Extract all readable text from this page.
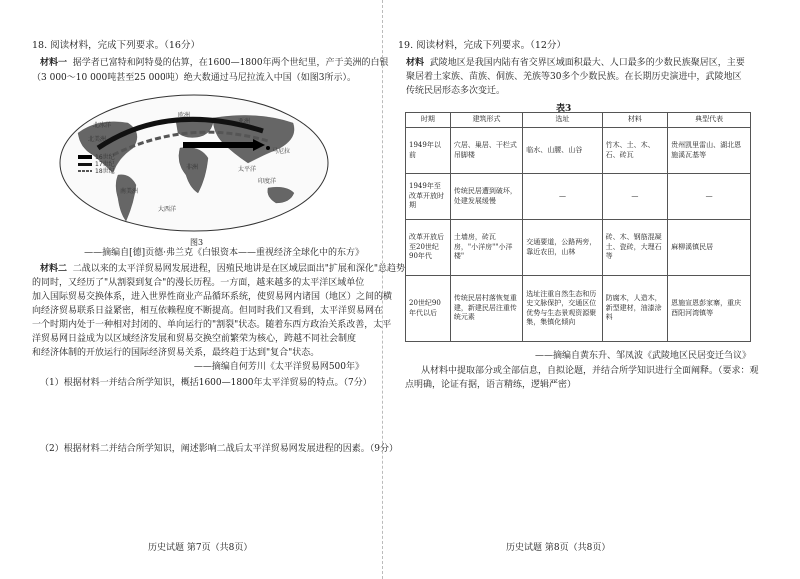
18. 阅读材料，完成下列要求。（16分）
材料一 据学者已富特和阿特曼的估算，在1600—1800年两个世纪里，产于美洲的白银
（3 000～10 000吨甚至25 000吨）绝大数通过马尼拉流入中国（如图3所示）。
北冰洋
太平洋
大西洋
印度洋
亚洲
欧洲
非洲
南美洲
北美洲
马尼拉
16世纪
17世纪
18世纪
图3
——摘编自[德]贡德·弗兰克《白银资本——重视经济全球化中的东方》
材料二 二战以来的太平洋贸易网发展进程，因殖民地讲是在区域层面出"扩展和深化"总趋势
的同时，又经历了"从割裂到复合"的漫长历程。一方面，越来越多的太平洋区域单位
加入国际贸易交换体系，进入世界性商业产品循环系统，使贸易网内诸国（地区）之间的横
向经济贸易联系日益紧密，相互依赖程度不断提高。但同时我们又看到，太平洋贸易网在
一个时期内处于一种相对封闭的、单向运行的"割裂"状态。随着东西方政治关系改善，太平
洋贸易网日益成为以区域经济发展和贸易交换空前繁荣为核心，跨越不同社会制度
和经济体制的开放运行的国际经济贸易关系，最终趋于达到"复合"状态。
——摘编自何芳川《太平洋贸易网500年》
（1）根据材料一并结合所学知识，概括1600—1800年太平洋贸易的特点。（7分）
（2）根据材料二并结合所学知识，阐述影响二战后太平洋贸易网发展进程的因素。（9分）
历史试题 第7页（共8页）
19. 阅读材料，完成下列要求。（12分）
材料 武陵地区是我国内陆有省交界区域面积最大、人口最多的少数民族聚居区，主要
聚居着土家族、苗族、侗族、羌族等30多个少数民族。在长期历史演进中，武陵地区
传统民居形态多次变迁。
表3
时期	建筑形式	选址	材料	典型代表
1949年以前	穴居、巢居、干栏式吊脚楼	临水、山腰、山谷	竹木、土、木、石、砖瓦	贵州凯里雷山、湖北恩施溪瓦基等
1949年至改革开放时期	传统民居遭到破坏，处建发展缓慢	—	—	—
改革开放后至20世纪90年代	土墙房，砖瓦房，"小洋房""小洋楼"	交通要道，公路两旁，靠近农田，山林	砖、木、钢筋混凝土、瓷砖，大理石等	麻柳溪镇民居
20世纪90年代以后	传统民居村落恢复重建，新建民居注重传统元素	选址注重自然生态和历史文脉保护，交通区位优势与生态景观资源聚集，集镇化倾向	防腐木，人造木，新型建材，油漆涂料	恩施宣恩彭家寨，重庆酉阳河湾镇等
——摘编自黄东升、邹凤波《武陵地区民居变迁刍议》
从材料中提取部分或全部信息，自拟论题，并结合所学知识进行全面阐释。（要求：观
点明确，论证有据，语言精练，逻辑严密）
历史试题 第8页（共8页）
